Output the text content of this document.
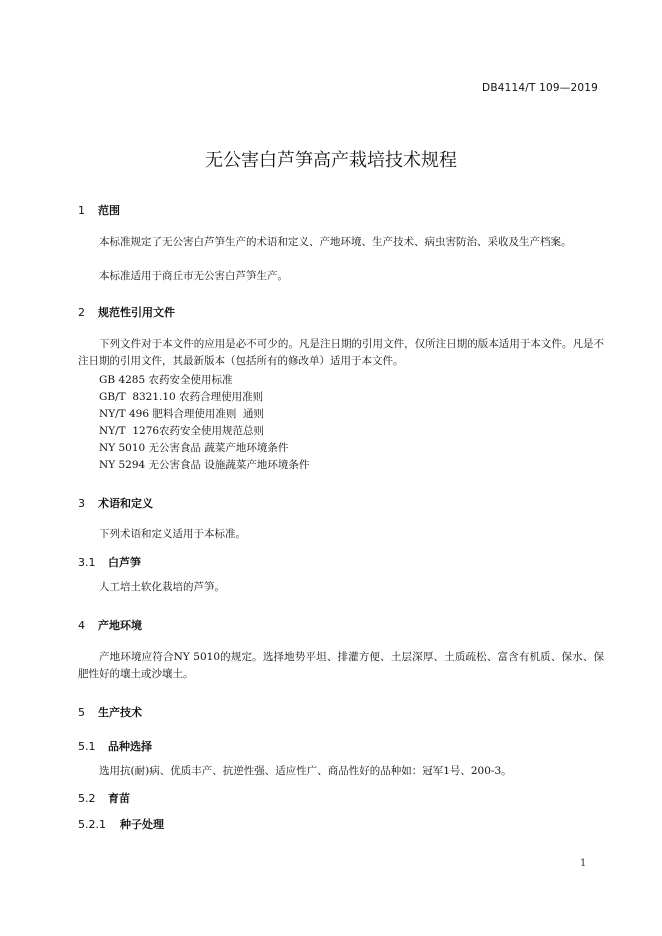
DB4114/T 109—2019
无公害白芦笋高产栽培技术规程
1 范围
本标准规定了无公害白芦笋生产的术语和定义、产地环境、生产技术、病虫害防治、采收及生产档案。
本标准适用于商丘市无公害白芦笋生产。
2 规范性引用文件
下列文件对于本文件的应用是必不可少的。凡是注日期的引用文件，仅所注日期的版本适用于本文件。凡是不注日期的引用文件，其最新版本（包括所有的修改单）适用于本文件。
GB 4285 农药安全使用标准
GB/T  8321.10 农药合理使用准则
NY/T 496 肥料合理使用准则  通则
NY/T  1276农药安全使用规范总则
NY 5010 无公害食品 蔬菜产地环境条件
NY 5294 无公害食品 设施蔬菜产地环境条件
3 术语和定义
下列术语和定义适用于本标准。
3.1 白芦笋
人工培土软化栽培的芦笋。
4 产地环境
产地环境应符合NY 5010的规定。选择地势平坦、排灌方便、土层深厚、土质疏松、富含有机质、保水、保肥性好的壤土或沙壤土。
5 生产技术
5.1 品种选择
选用抗(耐)病、优质丰产、抗逆性强、适应性广、商品性好的品种如：冠军1号、200-3。
5.2 育苗
5.2.1 种子处理
1
